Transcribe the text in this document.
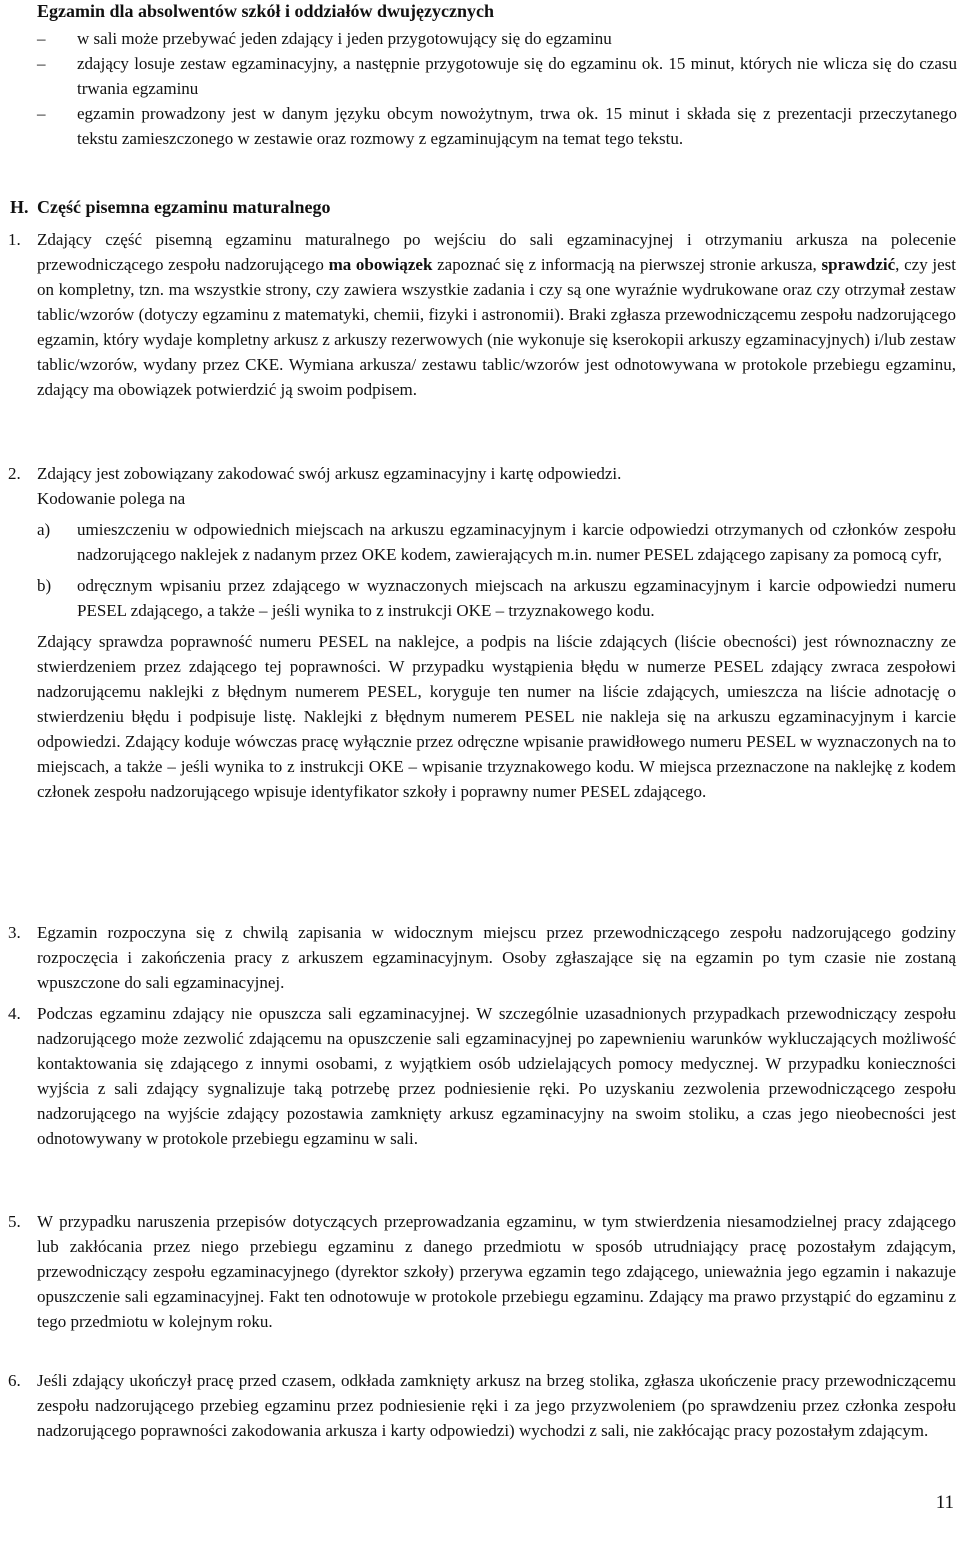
Egzamin dla absolwentów szkół i oddziałów dwujęzycznych
–	w sali może przebywać jeden zdający i jeden przygotowujący się do egzaminu
–	zdający losuje zestaw egzaminacyjny, a następnie przygotowuje się do egzaminu ok. 15 minut, których nie wlicza się do czasu trwania egzaminu
–	egzamin prowadzony jest w danym języku obcym nowożytnym, trwa ok. 15 minut i składa się z prezentacji przeczytanego tekstu zamieszczonego w zestawie oraz rozmowy z egzaminującym na temat tego tekstu.
H. Część pisemna egzaminu maturalnego
1. Zdający część pisemną egzaminu maturalnego po wejściu do sali egzaminacyjnej i otrzymaniu arkusza na polecenie przewodniczącego zespołu nadzorującego ma obowiązek zapoznać się z informacją na pierwszej stronie arkusza, sprawdzić, czy jest on kompletny, tzn. ma wszystkie strony, czy zawiera wszystkie zadania i czy są one wyraźnie wydrukowane oraz czy otrzymał zestaw tablic/wzorów (dotyczy egzaminu z matematyki, chemii, fizyki i astronomii). Braki zgłasza przewodniczącemu zespołu nadzorującego egzamin, który wydaje kompletny arkusz z arkuszy rezerwowych (nie wykonuje się kserokopii arkuszy egzaminacyjnych) i/lub zestaw tablic/wzorów, wydany przez CKE. Wymiana arkusza/ zestawu tablic/wzorów jest odnotowywana w protokole przebiegu egzaminu, zdający ma obowiązek potwierdzić ją swoim podpisem.
2. Zdający jest zobowiązany zakodować swój arkusz egzaminacyjny i kartę odpowiedzi.
Kodowanie polega na
a) umieszczeniu w odpowiednich miejscach na arkuszu egzaminacyjnym i karcie odpowiedzi otrzymanych od członków zespołu nadzorującego naklejek z nadanym przez OKE kodem, zawierających m.in. numer PESEL zdającego zapisany za pomocą cyfr,
b) odręcznym wpisaniu przez zdającego w wyznaczonych miejscach na arkuszu egzaminacyjnym i karcie odpowiedzi numeru PESEL zdającego, a także – jeśli wynika to z instrukcji OKE – trzyznakowego kodu.
Zdający sprawdza poprawność numeru PESEL na naklejce, a podpis na liście zdających (liście obecności) jest równoznaczny ze stwierdzeniem przez zdającego tej poprawności. W przypadku wystąpienia błędu w numerze PESEL zdający zwraca zespołowi nadzorującemu naklejki z błędnym numerem PESEL, koryguje ten numer na liście zdających, umieszcza na liście adnotację o stwierdzeniu błędu i podpisuje listę. Naklejki z błędnym numerem PESEL nie nakleja się na arkuszu egzaminacyjnym i karcie odpowiedzi. Zdający koduje wówczas pracę wyłącznie przez odręczne wpisanie prawidłowego numeru PESEL w wyznaczonych na to miejscach, a także – jeśli wynika to z instrukcji OKE – wpisanie trzyznakowego kodu. W miejsca przeznaczone na naklejkę z kodem członek zespołu nadzorującego wpisuje identyfikator szkoły i poprawny numer PESEL zdającego.
3. Egzamin rozpoczyna się z chwilą zapisania w widocznym miejscu przez przewodniczącego zespołu nadzorującego godziny rozpoczęcia i zakończenia pracy z arkuszem egzaminacyjnym. Osoby zgłaszające się na egzamin po tym czasie nie zostaną wpuszczone do sali egzaminacyjnej.
4. Podczas egzaminu zdający nie opuszcza sali egzaminacyjnej. W szczególnie uzasadnionych przypadkach przewodniczący zespołu nadzorującego może zezwolić zdającemu na opuszczenie sali egzaminacyjnej po zapewnieniu warunków wykluczających możliwość kontaktowania się zdającego z innymi osobami, z wyjątkiem osób udzielających pomocy medycznej. W przypadku konieczności wyjścia z sali zdający sygnalizuje taką potrzebę przez podniesienie ręki. Po uzyskaniu zezwolenia przewodniczącego zespołu nadzorującego na wyjście zdający pozostawia zamknięty arkusz egzaminacyjny na swoim stoliku, a czas jego nieobecności jest odnotowywany w protokole przebiegu egzaminu w sali.
5. W przypadku naruszenia przepisów dotyczących przeprowadzania egzaminu, w tym stwierdzenia niesamodzielnej pracy zdającego lub zakłócania przez niego przebiegu egzaminu z danego przedmiotu w sposób utrudniający pracę pozostałym zdającym, przewodniczący zespołu egzaminacyjnego (dyrektor szkoły) przerywa egzamin tego zdającego, unieważnia jego egzamin i nakazuje opuszczenie sali egzaminacyjnej. Fakt ten odnotowuje w protokole przebiegu egzaminu. Zdający ma prawo przystąpić do egzaminu z tego przedmiotu w kolejnym roku.
6. Jeśli zdający ukończył pracę przed czasem, odkłada zamknięty arkusz na brzeg stolika, zgłasza ukończenie pracy przewodniczącemu zespołu nadzorującego przebieg egzaminu przez podniesienie ręki i za jego przyzwoleniem (po sprawdzeniu przez członka zespołu nadzorującego poprawności zakodowania arkusza i karty odpowiedzi) wychodzi z sali, nie zakłócając pracy pozostałym zdającym.
11
